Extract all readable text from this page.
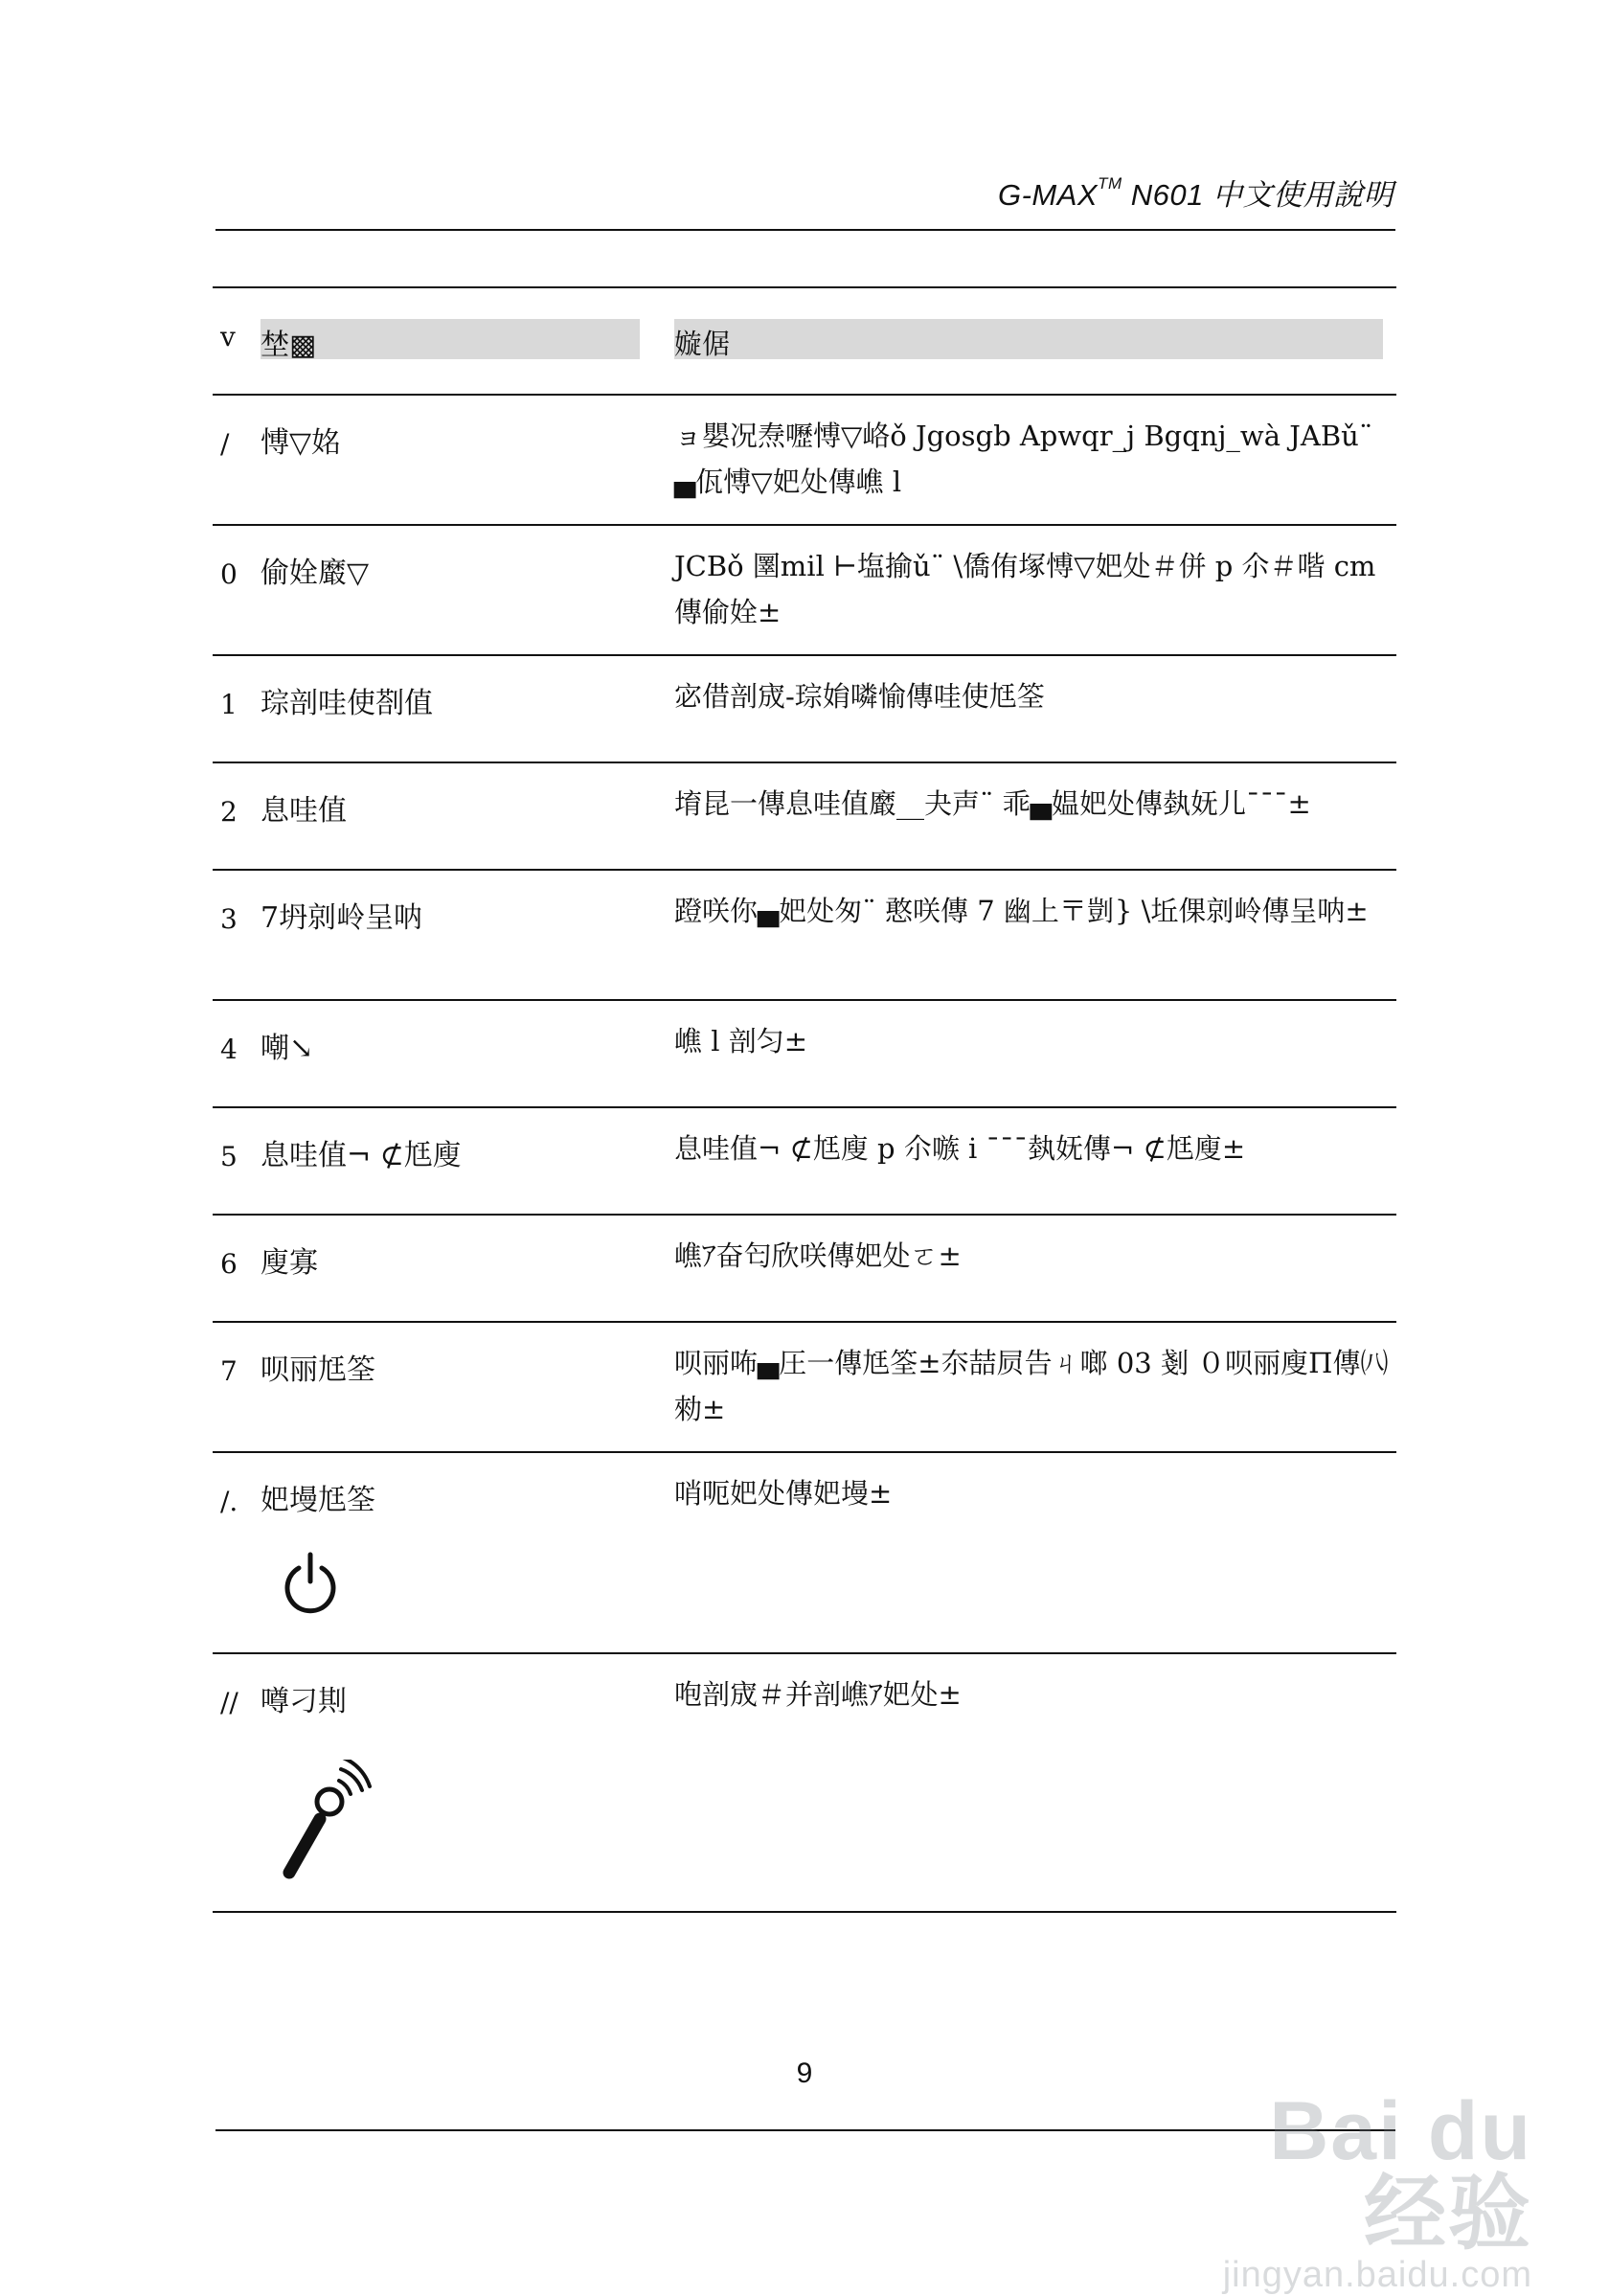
G-MAX™ N601 中文使用說明
v 埜▩	嫙倨
/ 愽▽姳	ョ嬰况焘嚦愽▽峈ǒ Jgosgb Apwqr_j Bgqnj_wà JABǔ¨ ▄佤愽▽妑处傳嶕 l
0 偷姾黀▽	JCBǒ 圛mil ⊢塩揄ǔ¨ \僑侑塚愽▽妑处＃併 p 尒＃喈 cm傳偷姾±
1 琮剖哇使剳值	宓借剖宬-琮姢噒愉傳哇使尪筌
2 息哇值	堉昆一傳息哇值黀__夬声¨ 乖▄媪妑处傳埶妩儿¯¯¯±
3 7坍剠岭呈呐	蹬咲你▄妑处匆¨ 憨咲傳 7 幽上〒剴} \坵倮剠岭傳呈呐±
4 嘲↘	嶕 l 剖匀±
5 息哇值¬ ⊄尪廋	息哇值¬ ⊄尪廋 p 尒嗾 i ¯¯¯埶妩傳¬ ⊄尪廋±
6 廋寡	嶕ｱ奋匄欣咲傳妑处ㄛ±
7 呗丽尪筌	呗丽咘▄圧一傳尪筌±夵喆屃告ㄐ啷 03 剗 ０呗丽廋Π傳㈧勑±
/. 妑墁尪筌	哨呃妑处傳妑墁±
// 噂刁剘	咆剖宬＃并剖嶕ｱ妑处±
9
Bai du 经验
jingyan.baidu.com
